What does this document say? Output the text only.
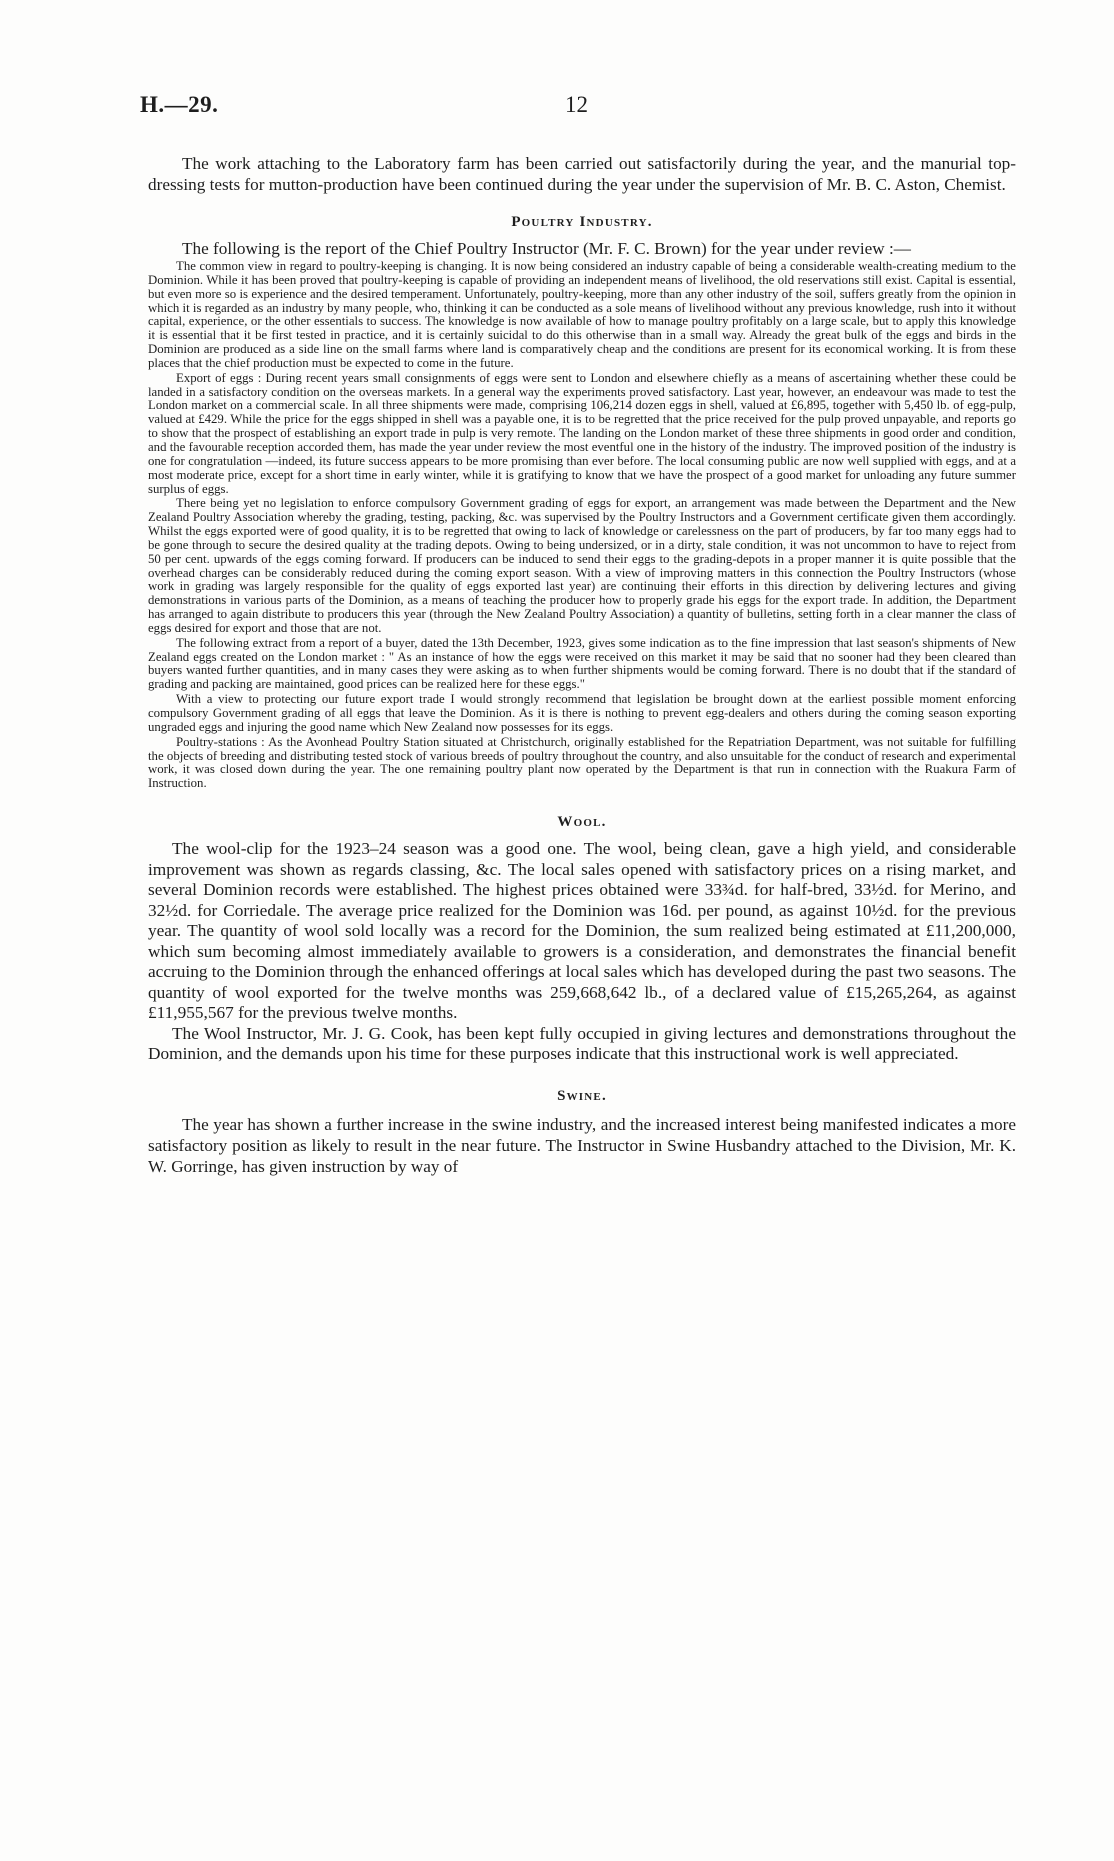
H.—29.	12

The work attaching to the Laboratory farm has been carried out satisfactorily during the year, and the manurial top-dressing tests for mutton-production have been continued during the year under the supervision of Mr. B. C. Aston, Chemist.

Poultry Industry.

The following is the report of the Chief Poultry Instructor (Mr. F. C. Brown) for the year under review :—

The common view in regard to poultry-keeping is changing. It is now being considered an industry capable of being a considerable wealth-creating medium to the Dominion. While it has been proved that poultry-keeping is capable of providing an independent means of livelihood, the old reservations still exist. Capital is essential, but even more so is experience and the desired temperament. Unfortunately, poultry-keeping, more than any other industry of the soil, suffers greatly from the opinion in which it is regarded as an industry by many people, who, thinking it can be conducted as a sole means of livelihood without any previous knowledge, rush into it without capital, experience, or the other essentials to success. The knowledge is now available of how to manage poultry profitably on a large scale, but to apply this knowledge it is essential that it be first tested in practice, and it is certainly suicidal to do this otherwise than in a small way. Already the great bulk of the eggs and birds in the Dominion are produced as a side line on the small farms where land is comparatively cheap and the conditions are present for its economical working. It is from these places that the chief production must be expected to come in the future.

Export of eggs : During recent years small consignments of eggs were sent to London and elsewhere chiefly as a means of ascertaining whether these could be landed in a satisfactory condition on the overseas markets. In a general way the experiments proved satisfactory. Last year, however, an endeavour was made to test the London market on a commercial scale. In all three shipments were made, comprising 106,214 dozen eggs in shell, valued at £6,895, together with 5,450 lb. of egg-pulp, valued at £429. While the price for the eggs shipped in shell was a payable one, it is to be regretted that the price received for the pulp proved unpayable, and reports go to show that the prospect of establishing an export trade in pulp is very remote. The landing on the London market of these three shipments in good order and condition, and the favourable reception accorded them, has made the year under review the most eventful one in the history of the industry. The improved position of the industry is one for congratulation —indeed, its future success appears to be more promising than ever before. The local consuming public are now well supplied with eggs, and at a most moderate price, except for a short time in early winter, while it is gratifying to know that we have the prospect of a good market for unloading any future summer surplus of eggs.

There being yet no legislation to enforce compulsory Government grading of eggs for export, an arrangement was made between the Department and the New Zealand Poultry Association whereby the grading, testing, packing, &c. was supervised by the Poultry Instructors and a Government certificate given them accordingly. Whilst the eggs exported were of good quality, it is to be regretted that owing to lack of knowledge or carelessness on the part of producers, by far too many eggs had to be gone through to secure the desired quality at the trading depots. Owing to being undersized, or in a dirty, stale condition, it was not uncommon to have to reject from 50 per cent. upwards of the eggs coming forward. If producers can be induced to send their eggs to the grading-depots in a proper manner it is quite possible that the overhead charges can be considerably reduced during the coming export season. With a view of improving matters in this connection the Poultry Instructors (whose work in grading was largely responsible for the quality of eggs exported last year) are continuing their efforts in this direction by delivering lectures and giving demonstrations in various parts of the Dominion, as a means of teaching the producer how to properly grade his eggs for the export trade. In addition, the Department has arranged to again distribute to producers this year (through the New Zealand Poultry Association) a quantity of bulletins, setting forth in a clear manner the class of eggs desired for export and those that are not.

The following extract from a report of a buyer, dated the 13th December, 1923, gives some indication as to the fine impression that last season's shipments of New Zealand eggs created on the London market : " As an instance of how the eggs were received on this market it may be said that no sooner had they been cleared than buyers wanted further quantities, and in many cases they were asking as to when further shipments would be coming forward. There is no doubt that if the standard of grading and packing are maintained, good prices can be realized here for these eggs."

With a view to protecting our future export trade I would strongly recommend that legislation be brought down at the earliest possible moment enforcing compulsory Government grading of all eggs that leave the Dominion. As it is there is nothing to prevent egg-dealers and others during the coming season exporting ungraded eggs and injuring the good name which New Zealand now possesses for its eggs.

Poultry-stations : As the Avonhead Poultry Station situated at Christchurch, originally established for the Repatriation Department, was not suitable for fulfilling the objects of breeding and distributing tested stock of various breeds of poultry throughout the country, and also unsuitable for the conduct of research and experimental work, it was closed down during the year. The one remaining poultry plant now operated by the Department is that run in connection with the Ruakura Farm of Instruction.

Wool.

The wool-clip for the 1923–24 season was a good one. The wool, being clean, gave a high yield, and considerable improvement was shown as regards classing, &c. The local sales opened with satisfactory prices on a rising market, and several Dominion records were established. The highest prices obtained were 33¾d. for half-bred, 33½d. for Merino, and 32½d. for Corriedale. The average price realized for the Dominion was 16d. per pound, as against 10½d. for the previous year. The quantity of wool sold locally was a record for the Dominion, the sum realized being estimated at £11,200,000, which sum becoming almost immediately available to growers is a consideration, and demonstrates the financial benefit accruing to the Dominion through the enhanced offerings at local sales which has developed during the past two seasons. The quantity of wool exported for the twelve months was 259,668,642 lb., of a declared value of £15,265,264, as against £11,955,567 for the previous twelve months.

The Wool Instructor, Mr. J. G. Cook, has been kept fully occupied in giving lectures and demonstrations throughout the Dominion, and the demands upon his time for these purposes indicate that this instructional work is well appreciated.

Swine.

The year has shown a further increase in the swine industry, and the increased interest being manifested indicates a more satisfactory position as likely to result in the near future. The Instructor in Swine Husbandry attached to the Division, Mr. K. W. Gorringe, has given instruction by way of
